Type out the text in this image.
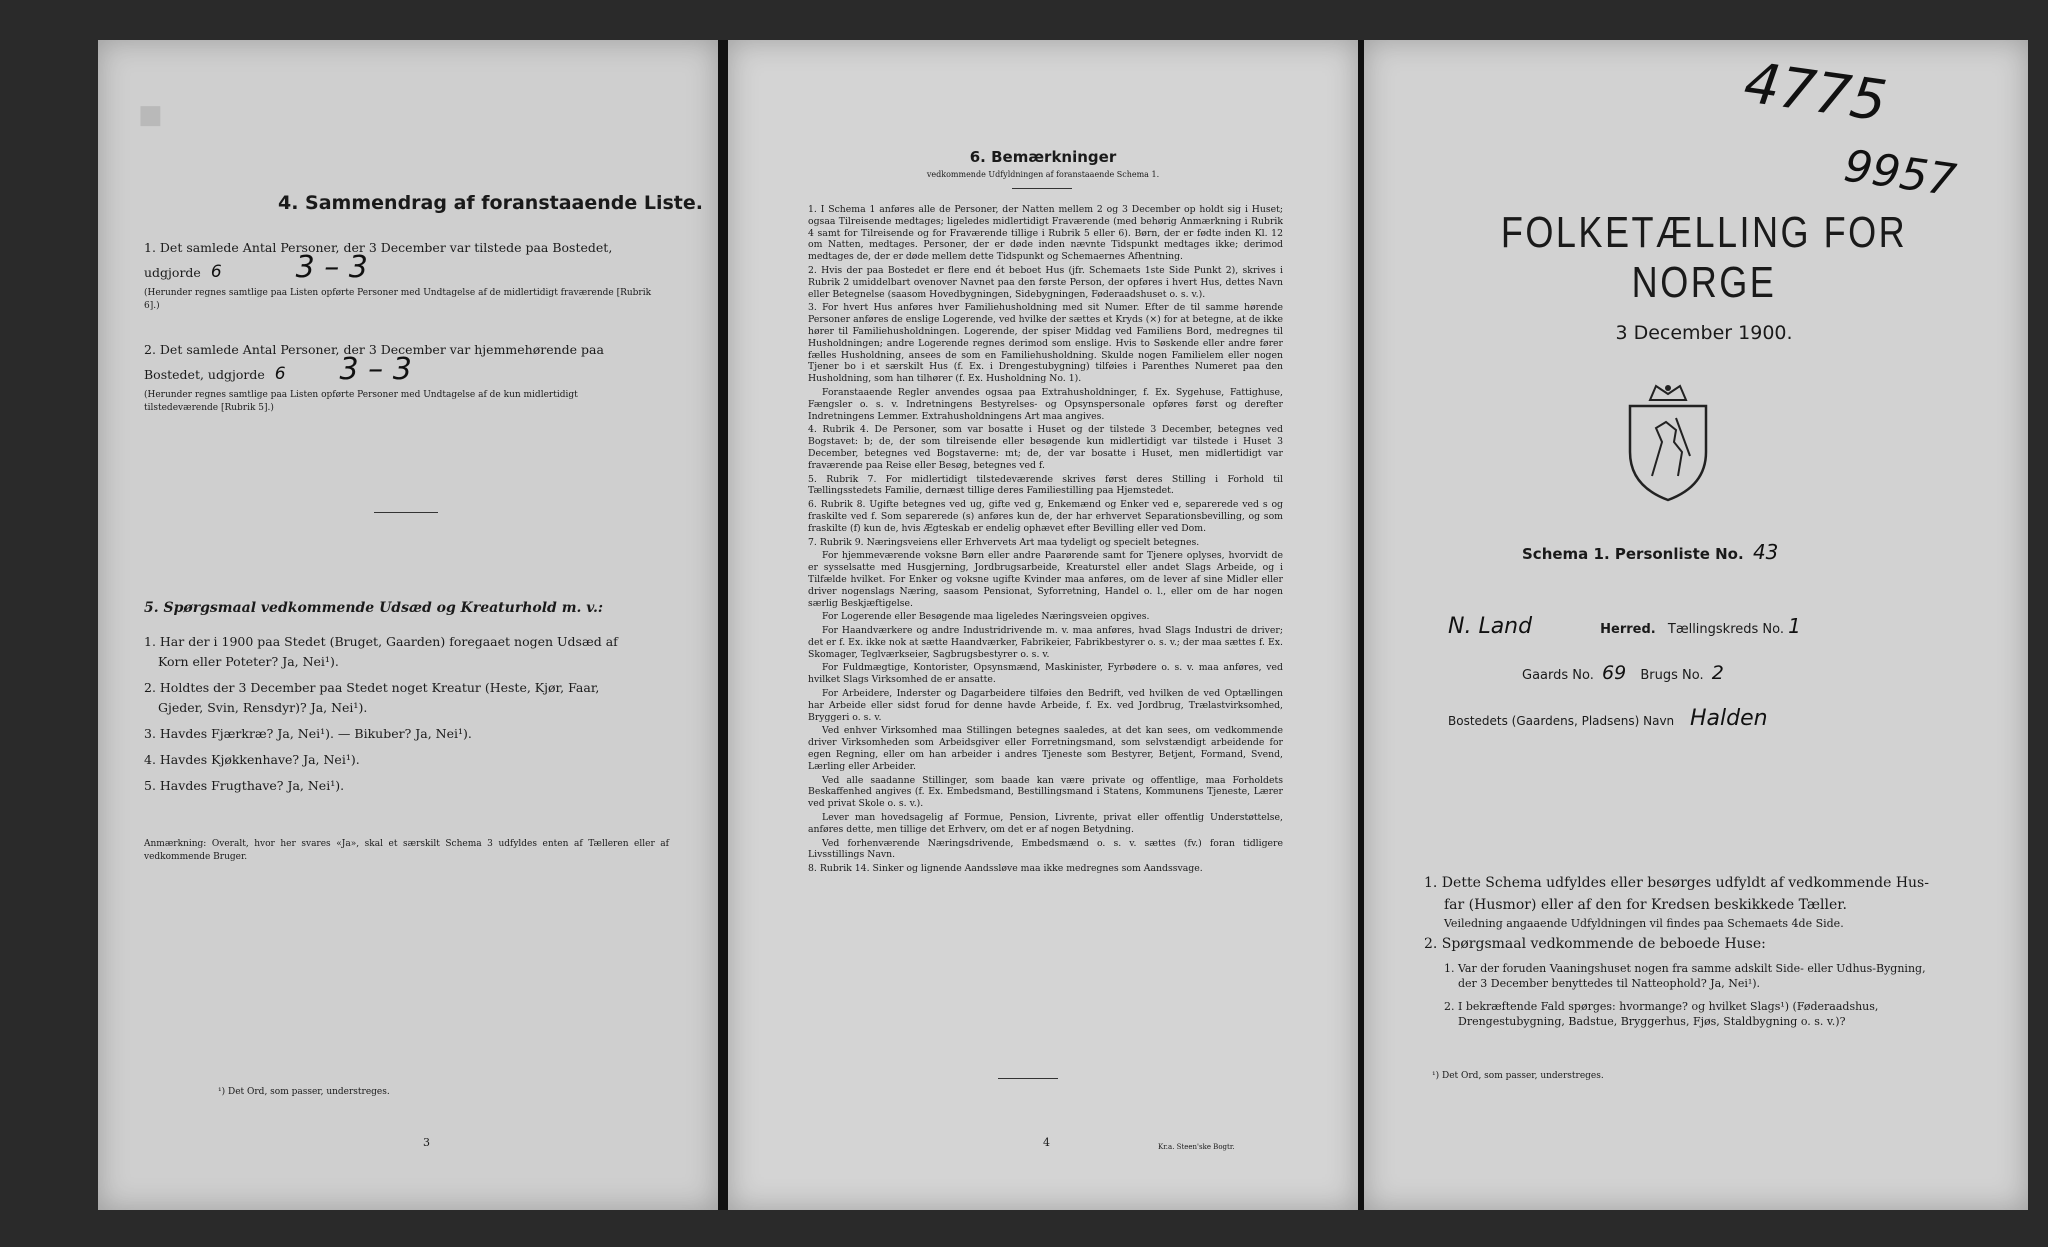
■
4. Sammendrag af foranstaaende Liste.
1. Det samlede Antal Personer, der 3 December var tilstede paa Bostedet,
udgjorde 6 3 – 3
(Herunder regnes samtlige paa Listen opførte Personer med Undtagelse af de midlertidigt fraværende [Rubrik 6].)
2. Det samlede Antal Personer, der 3 December var hjemmehørende paa
Bostedet, udgjorde 6 3 – 3
(Herunder regnes samtlige paa Listen opførte Personer med Undtagelse af de kun midlertidigt tilstedeværende [Rubrik 5].)
5. Spørgsmaal vedkommende Udsæd og Kreaturhold m. v.:
1. Har der i 1900 paa Stedet (Bruget, Gaarden) foregaaet nogen Udsæd af
Korn eller Poteter? Ja, Nei¹).
2. Holdtes der 3 December paa Stedet noget Kreatur (Heste, Kjør, Faar,
Gjeder, Svin, Rensdyr)? Ja, Nei¹).
3. Havdes Fjærkræ? Ja, Nei¹). — Bikuber? Ja, Nei¹).
4. Havdes Kjøkkenhave? Ja, Nei¹).
5. Havdes Frugthave? Ja, Nei¹).
Anmærkning: Overalt, hvor her svares «Ja», skal et særskilt Schema 3 udfyldes enten af Tælleren eller af vedkommende Bruger.
¹) Det Ord, som passer, understreges.
3
6. Bemærkninger
vedkommende Udfyldningen af foranstaaende Schema 1.

1. I Schema 1 anføres alle de Personer, der Natten mellem 2 og 3 December op holdt sig i Huset; ogsaa Tilreisende medtages; ligeledes midlertidigt Fraværende (med behørig Anmærkning i Rubrik 4 samt for Tilreisende og for Fraværende tillige i Rubrik 5 eller 6). Børn, der er fødte inden Kl. 12 om Natten, medtages. Personer, der er døde inden nævnte Tidspunkt medtages ikke; derimod medtages de, der er døde mellem dette Tidspunkt og Schemaernes Afhentning.

2. Hvis der paa Bostedet er flere end ét beboet Hus (jfr. Schemaets 1ste Side Punkt 2), skrives i Rubrik 2 umiddelbart ovenover Navnet paa den første Person, der opføres i hvert Hus, dettes Navn eller Betegnelse (saasom Hovedbygningen, Sidebygningen, Føderaadshuset o. s. v.).

3. For hvert Hus anføres hver Familiehusholdning med sit Numer. Efter de til samme hørende Personer anføres de enslige Logerende, ved hvilke der sættes et Kryds (×) for at betegne, at de ikke hører til Familiehusholdningen. Logerende, der spiser Middag ved Familiens Bord, medregnes til Husholdningen; andre Logerende regnes derimod som enslige. Hvis to Søskende eller andre fører fælles Husholdning, ansees de som en Familiehusholdning. Skulde nogen Familielem eller nogen Tjener bo i et særskilt Hus (f. Ex. i Drengestubygning) tilføies i Parenthes Numeret paa den Husholdning, som han tilhører (f. Ex. Husholdning No. 1).

Foranstaaende Regler anvendes ogsaa paa Extrahusholdninger, f. Ex. Sygehuse, Fattighuse, Fængsler o. s. v. Indretningens Bestyrelses- og Opsynspersonale opføres først og derefter Indretningens Lemmer. Extrahusholdningens Art maa angives.

4. Rubrik 4. De Personer, som var bosatte i Huset og der tilstede 3 December, betegnes ved Bogstavet: b; de, der som tilreisende eller besøgende kun midlertidigt var tilstede i Huset 3 December, betegnes ved Bogstaverne: mt; de, der var bosatte i Huset, men midlertidigt var fraværende paa Reise eller Besøg, betegnes ved f.

5. Rubrik 7. For midlertidigt tilstedeværende skrives først deres Stilling i Forhold til Tællingsstedets Familie, dernæst tillige deres Familiestilling paa Hjemstedet.

6. Rubrik 8. Ugifte betegnes ved ug, gifte ved g, Enkemænd og Enker ved e, separerede ved s og fraskilte ved f. Som separerede (s) anføres kun de, der har erhvervet Separationsbevilling, og som fraskilte (f) kun de, hvis Ægteskab er endelig ophævet efter Bevilling eller ved Dom.

7. Rubrik 9. Næringsveiens eller Erhvervets Art maa tydeligt og specielt betegnes.

For hjemmeværende voksne Børn eller andre Paarørende samt for Tjenere oplyses, hvorvidt de er sysselsatte med Husgjerning, Jordbrugsarbeide, Kreaturstel eller andet Slags Arbeide, og i Tilfælde hvilket. For Enker og voksne ugifte Kvinder maa anføres, om de lever af sine Midler eller driver nogenslags Næring, saasom Pensionat, Syforretning, Handel o. l., eller om de har nogen særlig Beskjæftigelse.

For Logerende eller Besøgende maa ligeledes Næringsveien opgives.

For Haandværkere og andre Industridrivende m. v. maa anføres, hvad Slags Industri de driver; det er f. Ex. ikke nok at sætte Haandværker, Fabrikeier, Fabrikbestyrer o. s. v.; der maa sættes f. Ex. Skomager, Teglværkseier, Sagbrugsbestyrer o. s. v.

For Fuldmægtige, Kontorister, Opsynsmænd, Maskinister, Fyrbødere o. s. v. maa anføres, ved hvilket Slags Virksomhed de er ansatte.

For Arbeidere, Inderster og Dagarbeidere tilføies den Bedrift, ved hvilken de ved Optællingen har Arbeide eller sidst forud for denne havde Arbeide, f. Ex. ved Jordbrug, Trælastvirksomhed, Bryggeri o. s. v.

Ved enhver Virksomhed maa Stillingen betegnes saaledes, at det kan sees, om vedkommende driver Virksomheden som Arbeidsgiver eller Forretningsmand, som selvstændigt arbeidende for egen Regning, eller om han arbeider i andres Tjeneste som Bestyrer, Betjent, Formand, Svend, Lærling eller Arbeider.

Ved alle saadanne Stillinger, som baade kan være private og offentlige, maa Forholdets Beskaffenhed angives (f. Ex. Embedsmand, Bestillingsmand i Statens, Kommunens Tjeneste, Lærer ved privat Skole o. s. v.).

Lever man hovedsagelig af Formue, Pension, Livrente, privat eller offentlig Understøttelse, anføres dette, men tillige det Erhverv, om det er af nogen Betydning.

Ved forhenværende Næringsdrivende, Embedsmænd o. s. v. sættes (fv.) foran tidligere Livsstillings Navn.

8. Rubrik 14. Sinker og lignende Aandssløve maa ikke medregnes som Aandssvage.

4	Kr.a. Steen'ske Bogtr.
4775
9957
FOLKETÆLLING FOR NORGE
3 December 1900.
Schema 1. Personliste No. 43
N. Land	Herred. Tællingskreds No. 1
Gaards No. 69 Brugs No. 2
Bostedets (Gaardens, Pladsens) Navn Halden
1. Dette Schema udfyldes eller besørges udfyldt af vedkommende Hus-
far (Husmor) eller af den for Kredsen beskikkede Tæller.
Veiledning angaaende Udfyldningen vil findes paa Schemaets 4de Side.
2. Spørgsmaal vedkommende de beboede Huse:
1. Var der foruden Vaaningshuset nogen fra samme adskilt Side- eller Udhus-Bygning,
der 3 December benyttedes til Natteophold? Ja, Nei¹).
2. I bekræftende Fald spørges: hvormange? og hvilket Slags¹) (Føderaadshus,
Drengestubygning, Badstue, Bryggerhus, Fjøs, Staldbygning o. s. v.)?
¹) Det Ord, som passer, understreges.
